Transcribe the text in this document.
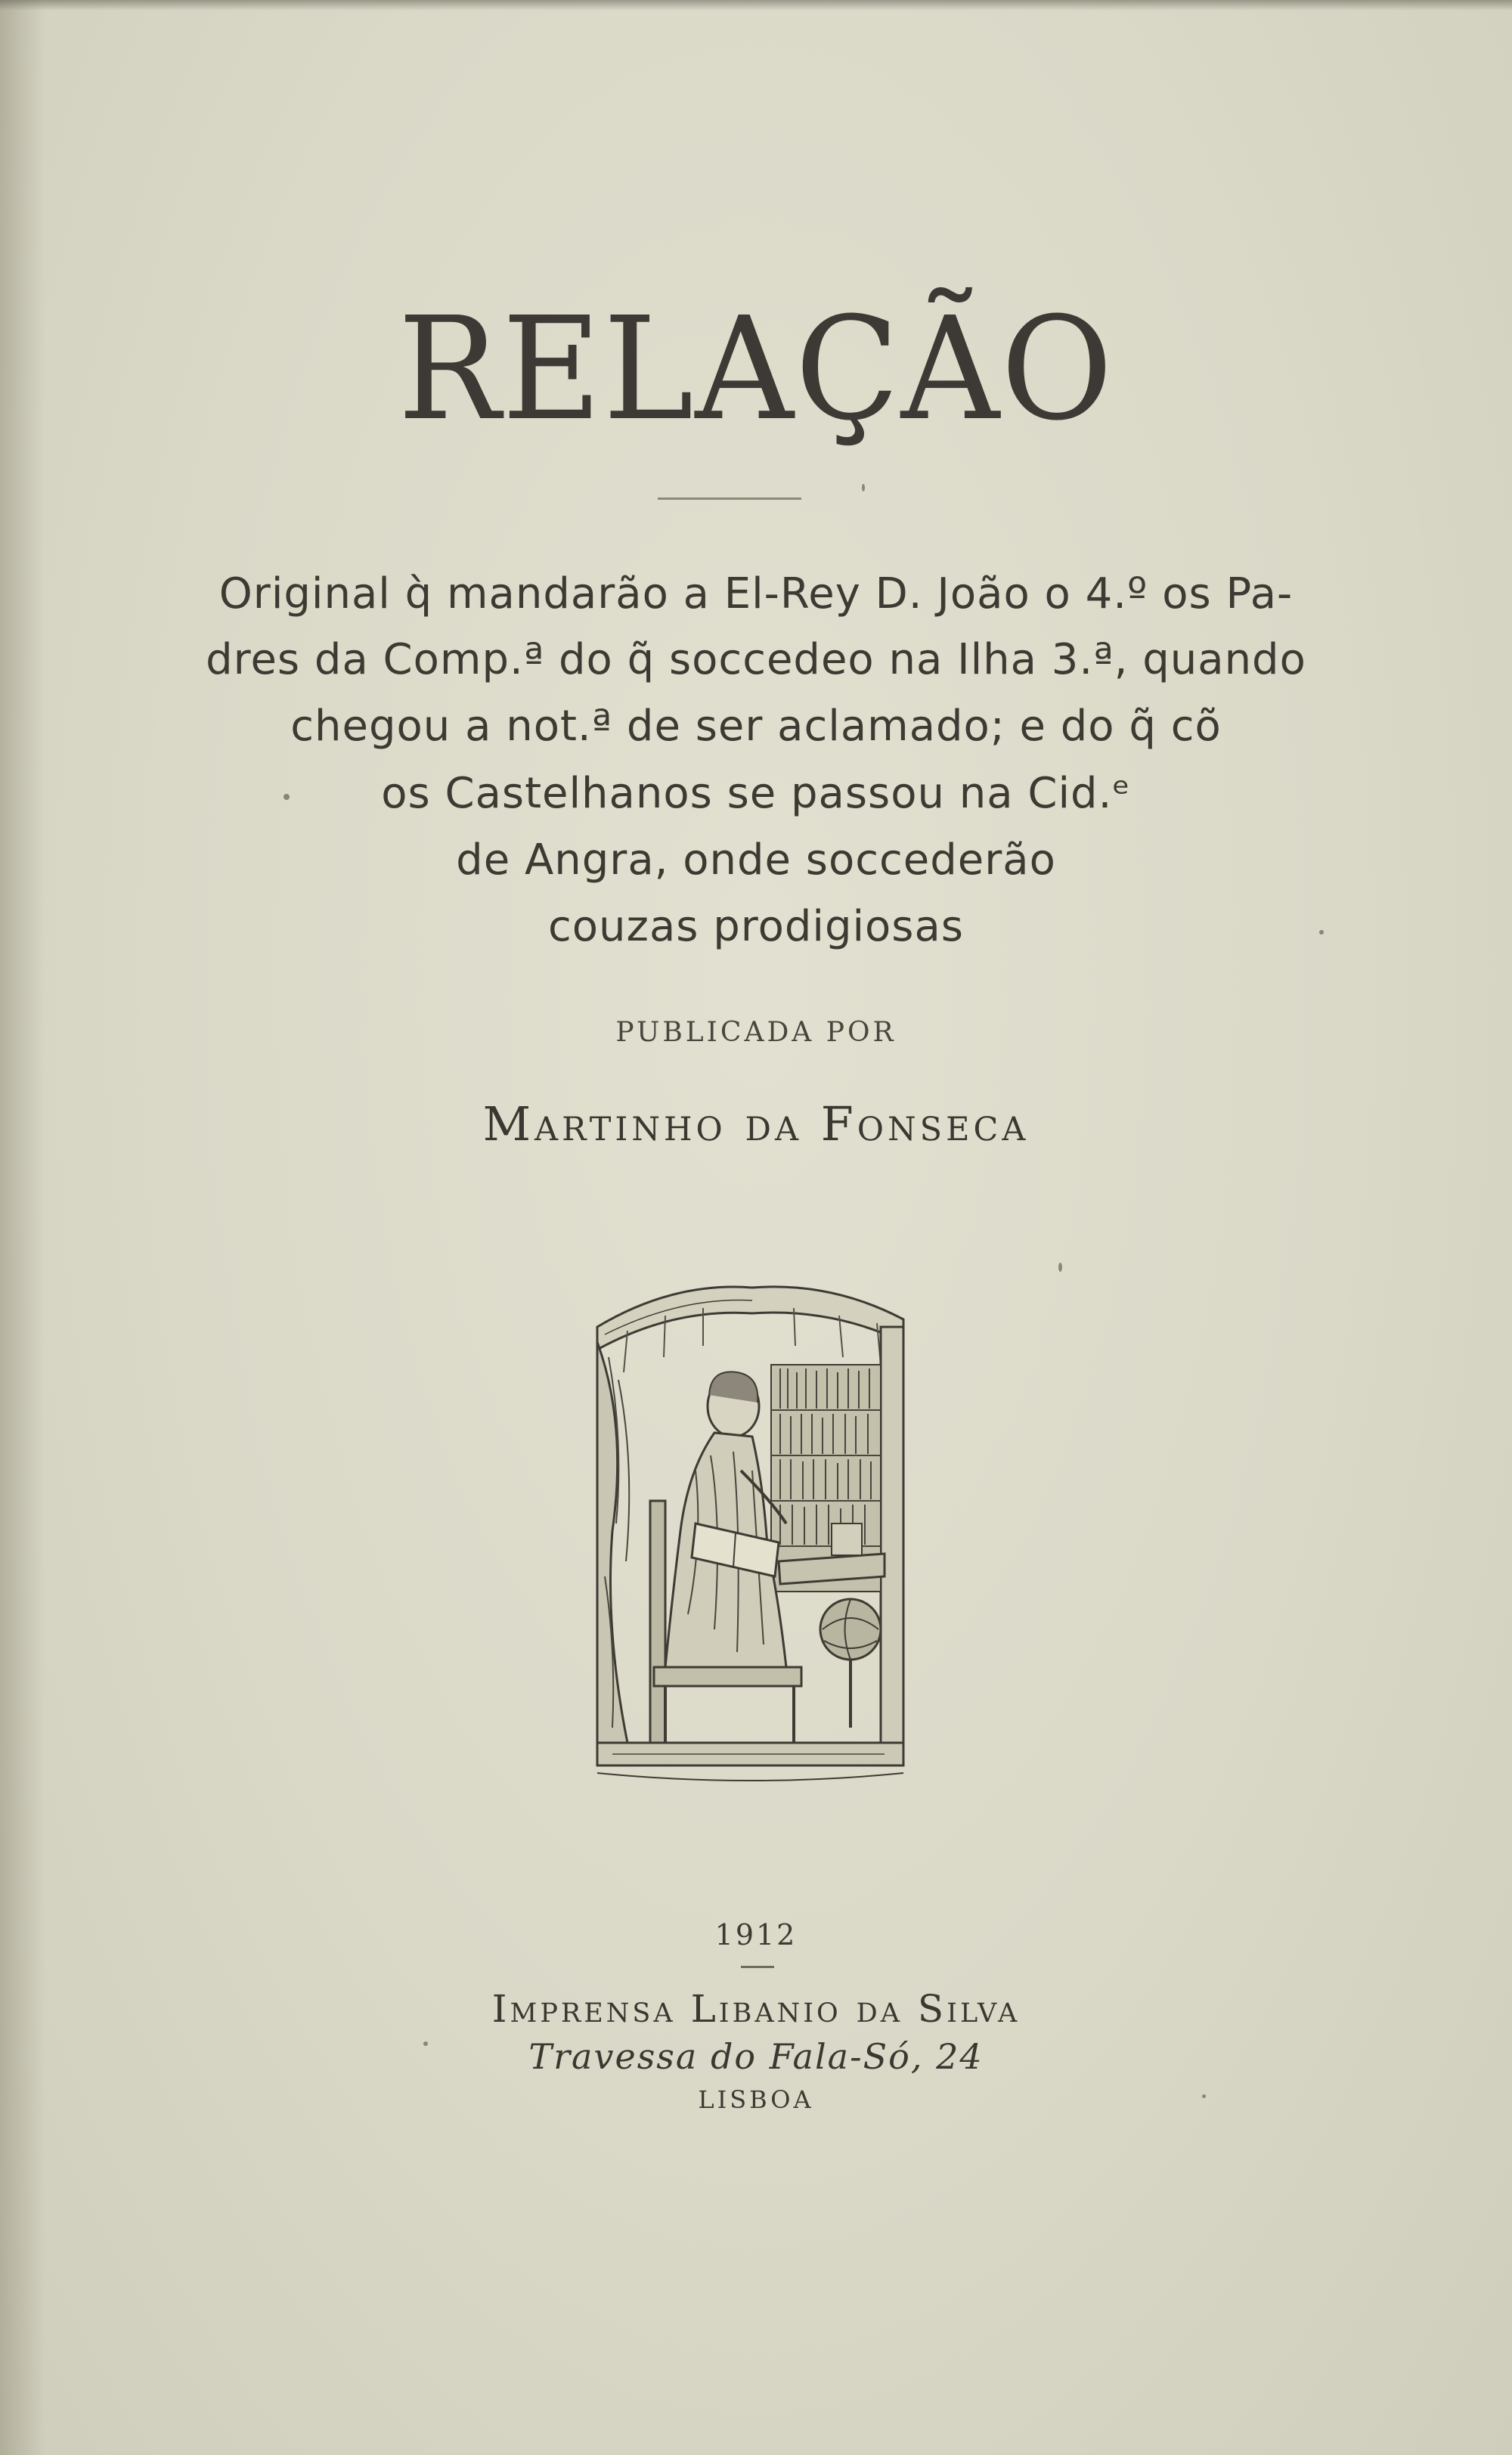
RELAÇÃO
Original q̀ mandarão a El-Rey D. João o 4.º os Pa-
dres da Comp.ª do q̃ soccedeo na Ilha 3.ª, quando
chegou a not.ª de ser aclamado; e do q̃ cõ
os Castelhanos se passou na Cid.ᵉ
de Angra, onde soccederão
couzas prodigiosas
PUBLICADA POR
Martinho da Fonseca
1912
Imprensa Libanio da Silva
Travessa do Fala-Só, 24
LISBOA
